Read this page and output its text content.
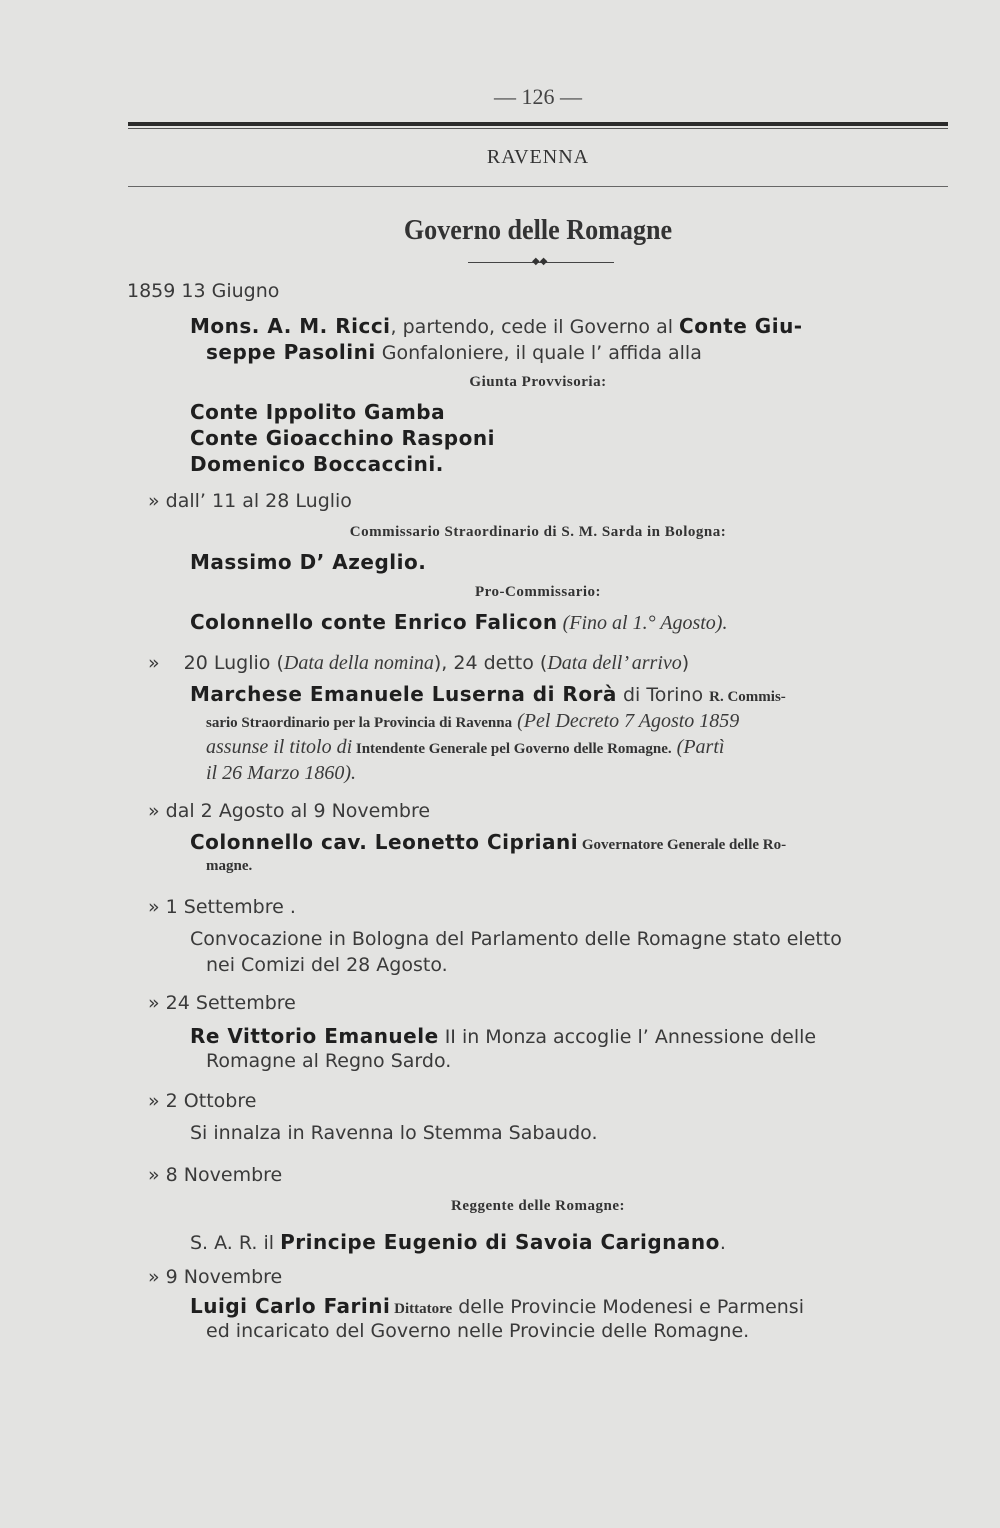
— 126 —
RAVENNA
Governo delle Romagne
◆◆
1859 13 Giugno
Mons. A. M. Ricci, partendo, cede il Governo al Conte Giu-
seppe Pasolini Gonfaloniere, il quale l’ affida alla
Giunta Provvisoria:
Conte Ippolito Gamba
Conte Gioacchino Rasponi
Domenico Boccaccini.
» dall’ 11 al 28 Luglio
Commissario Straordinario di S. M. Sarda in Bologna:
Massimo D’ Azeglio.
Pro-Commissario:
Colonnello conte Enrico Falicon (Fino al 1.° Agosto).
» 20 Luglio (Data della nomina), 24 detto (Data dell’ arrivo)
Marchese Emanuele Luserna di Rorà di Torino R. Commis-
sario Straordinario per la Provincia di Ravenna (Pel Decreto 7 Agosto 1859
assunse il titolo di Intendente Generale pel Governo delle Romagne. (Partì
il 26 Marzo 1860).
» dal 2 Agosto al 9 Novembre
Colonnello cav. Leonetto Cipriani Governatore Generale delle Ro-
magne.
» 1 Settembre .
Convocazione in Bologna del Parlamento delle Romagne stato eletto
nei Comizi del 28 Agosto.
» 24 Settembre
Re Vittorio Emanuele II in Monza accoglie l’ Annessione delle
Romagne al Regno Sardo.
» 2 Ottobre
Si innalza in Ravenna lo Stemma Sabaudo.
» 8 Novembre
Reggente delle Romagne:
S. A. R. il Principe Eugenio di Savoia Carignano.
» 9 Novembre
Luigi Carlo Farini Dittatore delle Provincie Modenesi e Parmensi
ed incaricato del Governo nelle Provincie delle Romagne.
